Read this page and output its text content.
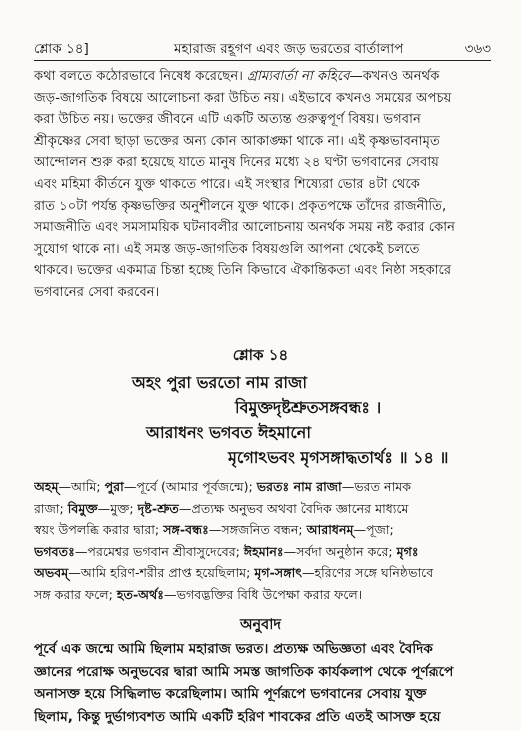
শ্লোক ১৪]	মহারাজ রহূগণ এবং জড় ভরতের বার্তালাপ	৩৬৩
কথা বলতে কঠোরভাবে নিষেধ করেছেন। গ্রাম্যবার্তা না কহিবে—কখনও অনর্থক
জড়-জাগতিক বিষয়ে আলোচনা করা উচিত নয়। এইভাবে কখনও সময়ের অপচয়
করা উচিত নয়। ভক্তের জীবনে এটি একটি অত্যন্ত গুরুত্বপূর্ণ বিষয়। ভগবান
শ্রীকৃষ্ণের সেবা ছাড়া ভক্তের অন্য কোন আকাঙ্ক্ষা থাকে না। এই কৃষ্ণভাবনামৃত
আন্দোলন শুরু করা হয়েছে যাতে মানুষ দিনের মধ্যে ২৪ ঘণ্টা ভগবানের সেবায়
এবং মহিমা কীর্তনে যুক্ত থাকতে পারে। এই সংস্থার শিষ্যেরা ভোর ৪টা থেকে
রাত ১০টা পর্যন্ত কৃষ্ণভক্তির অনুশীলনে যুক্ত থাকে। প্রকৃতপক্ষে তাঁদের রাজনীতি,
সমাজনীতি এবং সমসাময়িক ঘটনাবলীর আলোচনায় অনর্থক সময় নষ্ট করার কোন
সুযোগ থাকে না। এই সমস্ত জড়-জাগতিক বিষয়গুলি আপনা থেকেই চলতে
থাকবে। ভক্তের একমাত্র চিন্তা হচ্ছে তিনি কিভাবে ঐকান্তিকতা এবং নিষ্ঠা সহকারে
ভগবানের সেবা করবেন।
শ্লোক ১৪
অহং পুরা ভরতো নাম রাজা
বিমুক্তদৃষ্টশ্রুতসঙ্গবন্ধঃ ।
আরাধনং ভগবত ঈহমানো
মৃগোঽভবং মৃগসঙ্গাদ্ধতার্থঃ ॥ ১৪ ॥
অহম্—আমি; পুরা—পূর্বে (আমার পূর্বজন্মে); ভরতঃ নাম রাজা—ভরত নামক
রাজা; বিমুক্ত—মুক্ত; দৃষ্ট-শ্রুত—প্রত্যক্ষ অনুভব অথবা বৈদিক জ্ঞানের মাধ্যমে
স্বয়ং উপলব্ধি করার দ্বারা; সঙ্গ-বন্ধঃ—সঙ্গজনিত বন্ধন; আরাধনম্—পূজা;
ভগবতঃ—পরমেশ্বর ভগবান শ্রীবাসুদেবের; ঈহমানঃ—সর্বদা অনুষ্ঠান করে; মৃগঃ
অভবম্—আমি হরিণ-শরীর প্রাপ্ত হয়েছিলাম; মৃগ-সঙ্গাৎ—হরিণের সঙ্গে ঘনিষ্ঠভাবে
সঙ্গ করার ফলে; হত-অর্থঃ—ভগবদ্ভক্তির বিধি উপেক্ষা করার ফলে।
অনুবাদ
পূর্বে এক জন্মে আমি ছিলাম মহারাজ ভরত। প্রত্যক্ষ অভিজ্ঞতা এবং বৈদিক
জ্ঞানের পরোক্ষ অনুভবের দ্বারা আমি সমস্ত জাগতিক কার্যকলাপ থেকে পূর্ণরূপে
অনাসক্ত হয়ে সিদ্ধিলাভ করেছিলাম। আমি পূর্ণরূপে ভগবানের সেবায় যুক্ত
ছিলাম, কিন্তু দুর্ভাগ্যবশত আমি একটি হরিণ শাবকের প্রতি এতই আসক্ত হয়ে
